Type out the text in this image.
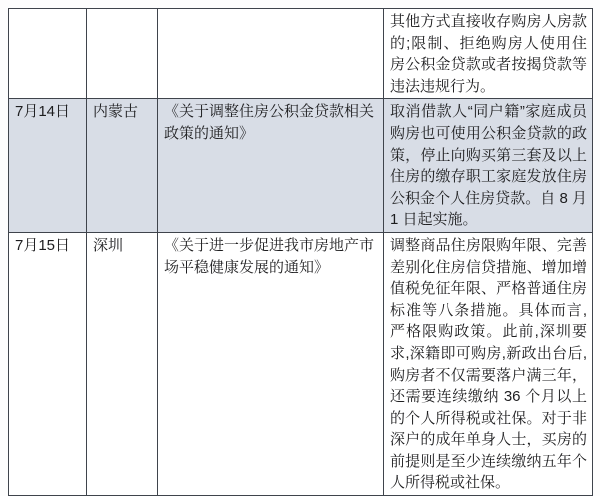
			其他方式直接收存购房人房款的;限制、拒绝购房人使用住房公积金贷款或者按揭贷款等违法违规行为。
7月14日	内蒙古	《关于调整住房公积金贷款相关政策的通知》	取消借款人“同户籍”家庭成员购房也可使用公积金贷款的政策，停止向购买第三套及以上住房的缴存职工家庭发放住房公积金个人住房贷款。自 8 月 1 日起实施。
7月15日	深圳	《关于进一步促进我市房地产市场平稳健康发展的通知》	调整商品住房限购年限、完善差别化住房信贷措施、增加增值税免征年限、严格普通住房标准等八条措施。具体而言,严格限购政策。此前,深圳要求,深籍即可购房,新政出台后,购房者不仅需要落户满三年，还需要连续缴纳 36 个月以上的个人所得税或社保。对于非深户的成年单身人士，买房的前提则是至少连续缴纳五年个人所得税或社保。
